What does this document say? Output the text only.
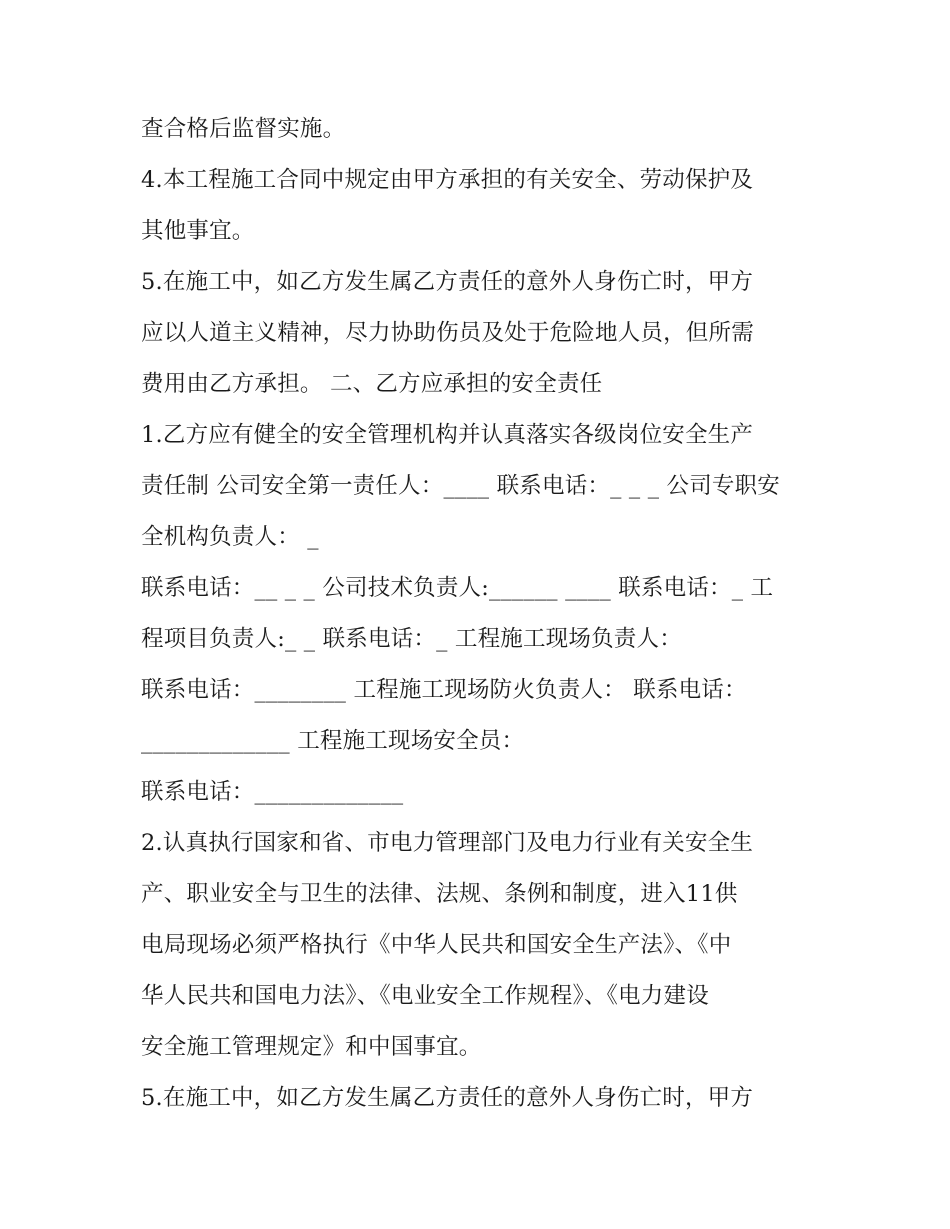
查合格后监督实施。
4.本工程施工合同中规定由甲方承担的有关安全、劳动保护及
其他事宜。
5.在施工中，如乙方发生属乙方责任的意外人身伤亡时，甲方
应以人道主义精神，尽力协助伤员及处于危险地人员，但所需
费用由乙方承担。 二、乙方应承担的安全责任
1.乙方应有健全的安全管理机构并认真落实各级岗位安全生产
责任制 公司安全第一责任人：____ 联系电话：_ _ _ 公司专职安
全机构负责人： _
联系电话：__ _ _ 公司技术负责人:______ ____ 联系电话：_ 工
程项目负责人:_ _ 联系电话：_ 工程施工现场负责人：
联系电话：________ 工程施工现场防火负责人： 联系电话：
_____________ 工程施工现场安全员：
联系电话：_____________
2.认真执行国家和省、市电力管理部门及电力行业有关安全生
产、职业安全与卫生的法律、法规、条例和制度，进入11供
电局现场必须严格执行《中华人民共和国安全生产法》、《中
华人民共和国电力法》、《电业安全工作规程》、《电力建设
安全施工管理规定》和中国事宜。
5.在施工中，如乙方发生属乙方责任的意外人身伤亡时，甲方
